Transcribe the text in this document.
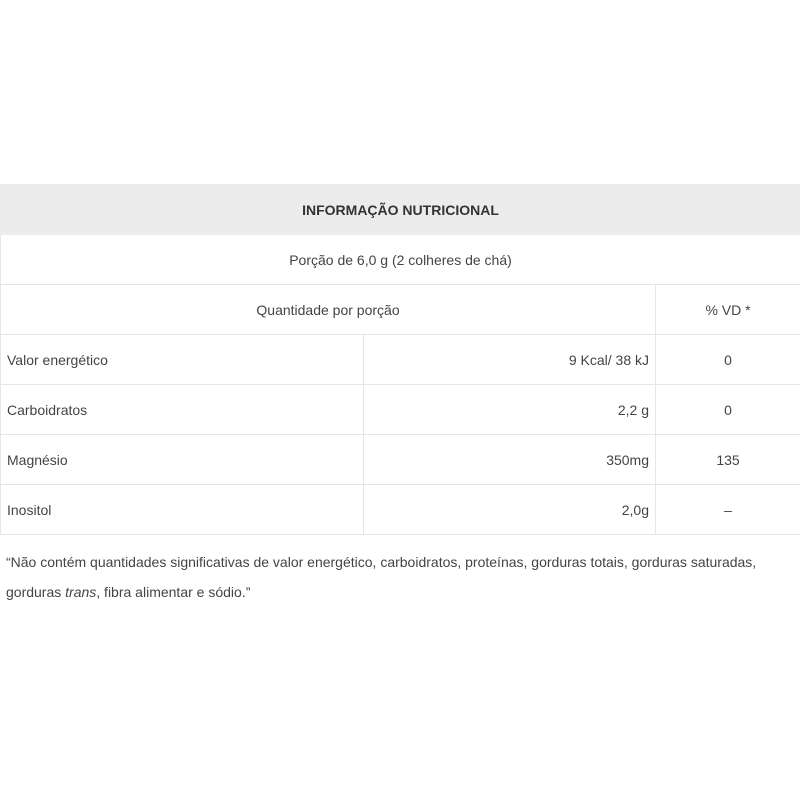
INFORMAÇÃO NUTRICIONAL		
Porção de 6,0 g (2 colheres de chá)		
Quantidade por porção		% VD *
Valor energético	9 Kcal/ 38 kJ	0
Carboidratos	2,2 g	0
Magnésio	350mg	135
Inositol	2,0g	–
“Não contém quantidades significativas de valor energético, carboidratos, proteínas, gorduras totais, gorduras saturadas, gorduras trans, fibra alimentar e sódio.”
